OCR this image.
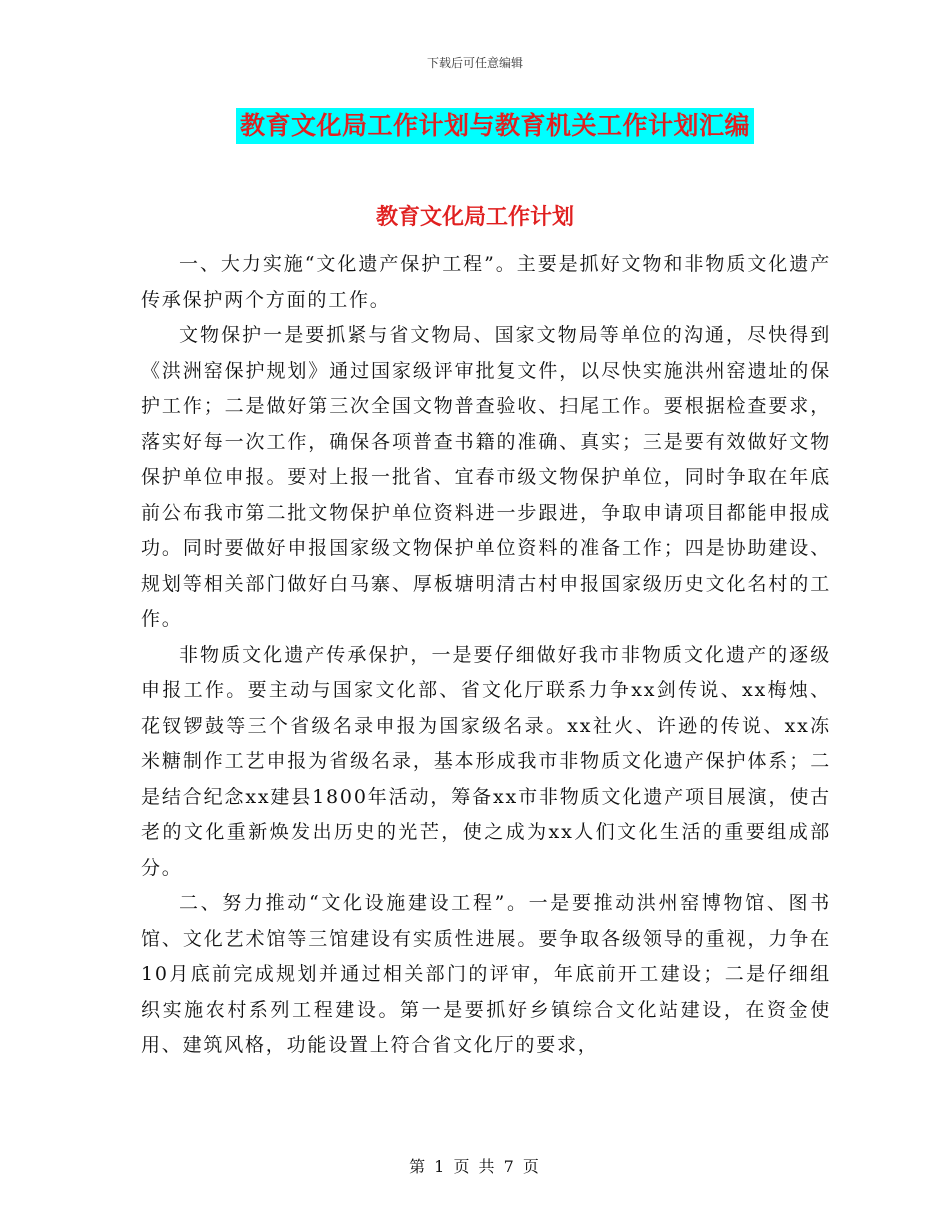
下载后可任意编辑
教育文化局工作计划与教育机关工作计划汇编
教育文化局工作计划

一、大力实施“文化遗产保护工程”。主要是抓好文物和非物质文化遗产传承保护两个方面的工作。

文物保护一是要抓紧与省文物局、国家文物局等单位的沟通，尽快得到《洪洲窑保护规划》通过国家级评审批复文件，以尽快实施洪州窑遗址的保护工作；二是做好第三次全国文物普查验收、扫尾工作。要根据检查要求，落实好每一次工作，确保各项普查书籍的准确、真实；三是要有效做好文物保护单位申报。要对上报一批省、宜春市级文物保护单位，同时争取在年底前公布我市第二批文物保护单位资料进一步跟进，争取申请项目都能申报成功。同时要做好申报国家级文物保护单位资料的准备工作；四是协助建设、规划等相关部门做好白马寨、厚板塘明清古村申报国家级历史文化名村的工作。

非物质文化遗产传承保护，一是要仔细做好我市非物质文化遗产的逐级申报工作。要主动与国家文化部、省文化厅联系力争xx剑传说、xx梅烛、花钗锣鼓等三个省级名录申报为国家级名录。xx社火、许逊的传说、xx冻米糖制作工艺申报为省级名录，基本形成我市非物质文化遗产保护体系；二是结合纪念xx建县1800年活动，筹备xx市非物质文化遗产项目展演，使古老的文化重新焕发出历史的光芒，使之成为xx人们文化生活的重要组成部分。

二、努力推动“文化设施建设工程”。一是要推动洪州窑博物馆、图书馆、文化艺术馆等三馆建设有实质性进展。要争取各级领导的重视，力争在10月底前完成规划并通过相关部门的评审，年底前开工建设；二是仔细组织实施农村系列工程建设。第一是要抓好乡镇综合文化站建设，在资金使用、建筑风格，功能设置上符合省文化厅的要求，

第 1 页 共 7 页
